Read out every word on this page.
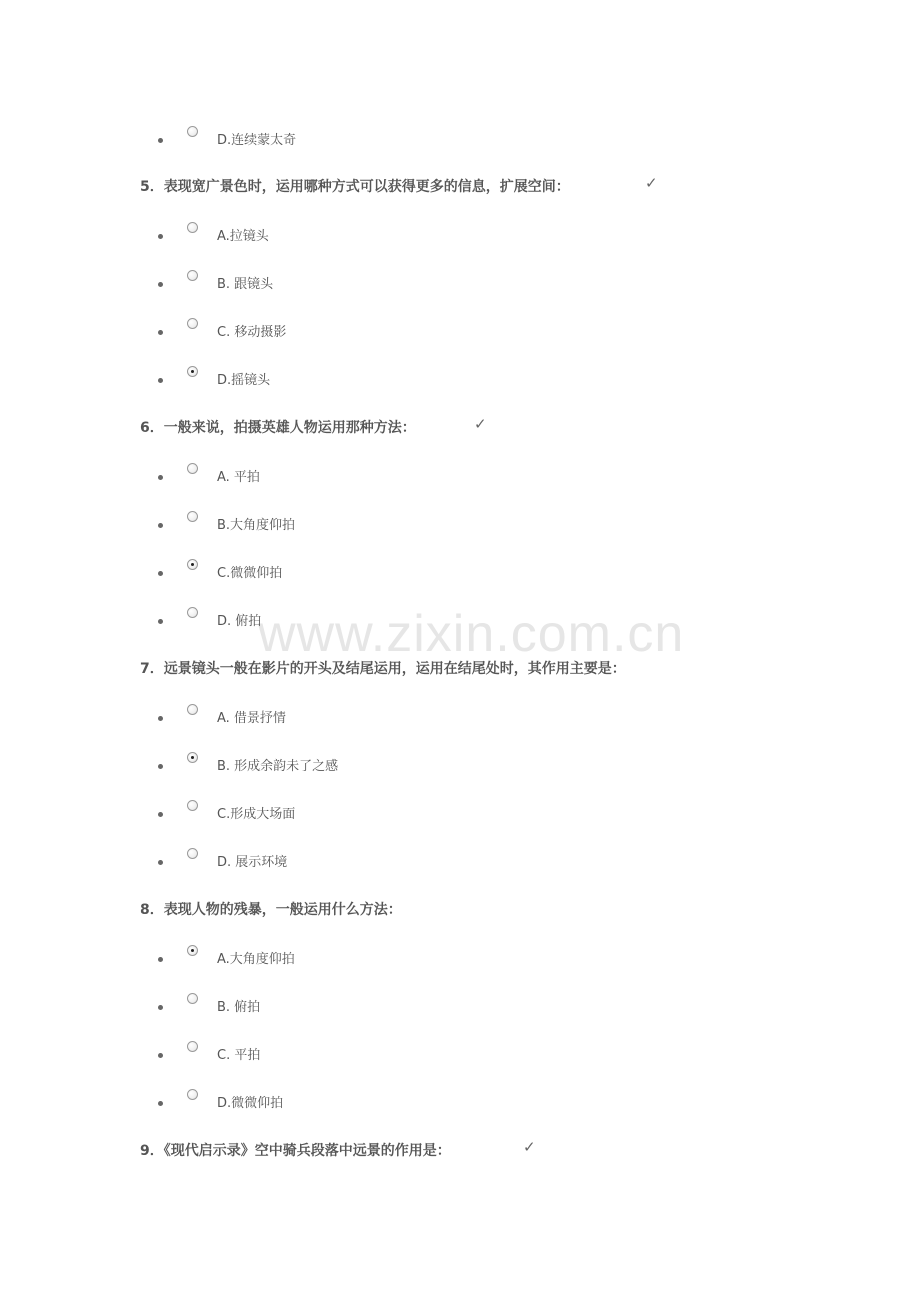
www.zixin.com.cn
D.连续蒙太奇
5．表现宽广景色时，运用哪种方式可以获得更多的信息，扩展空间：	✓
A.拉镜头
B. 跟镜头
C. 移动摄影
D.摇镜头
6．一般来说，拍摄英雄人物运用那种方法：	✓
A. 平拍
B.大角度仰拍
C.微微仰拍
D. 俯拍
7．远景镜头一般在影片的开头及结尾运用，运用在结尾处时，其作用主要是：
A. 借景抒情
B. 形成余韵未了之感
C.形成大场面
D. 展示环境
8．表现人物的残暴，一般运用什么方法：
A.大角度仰拍
B. 俯拍
C. 平拍
D.微微仰拍
9．《现代启示录》空中骑兵段落中远景的作用是：	✓
